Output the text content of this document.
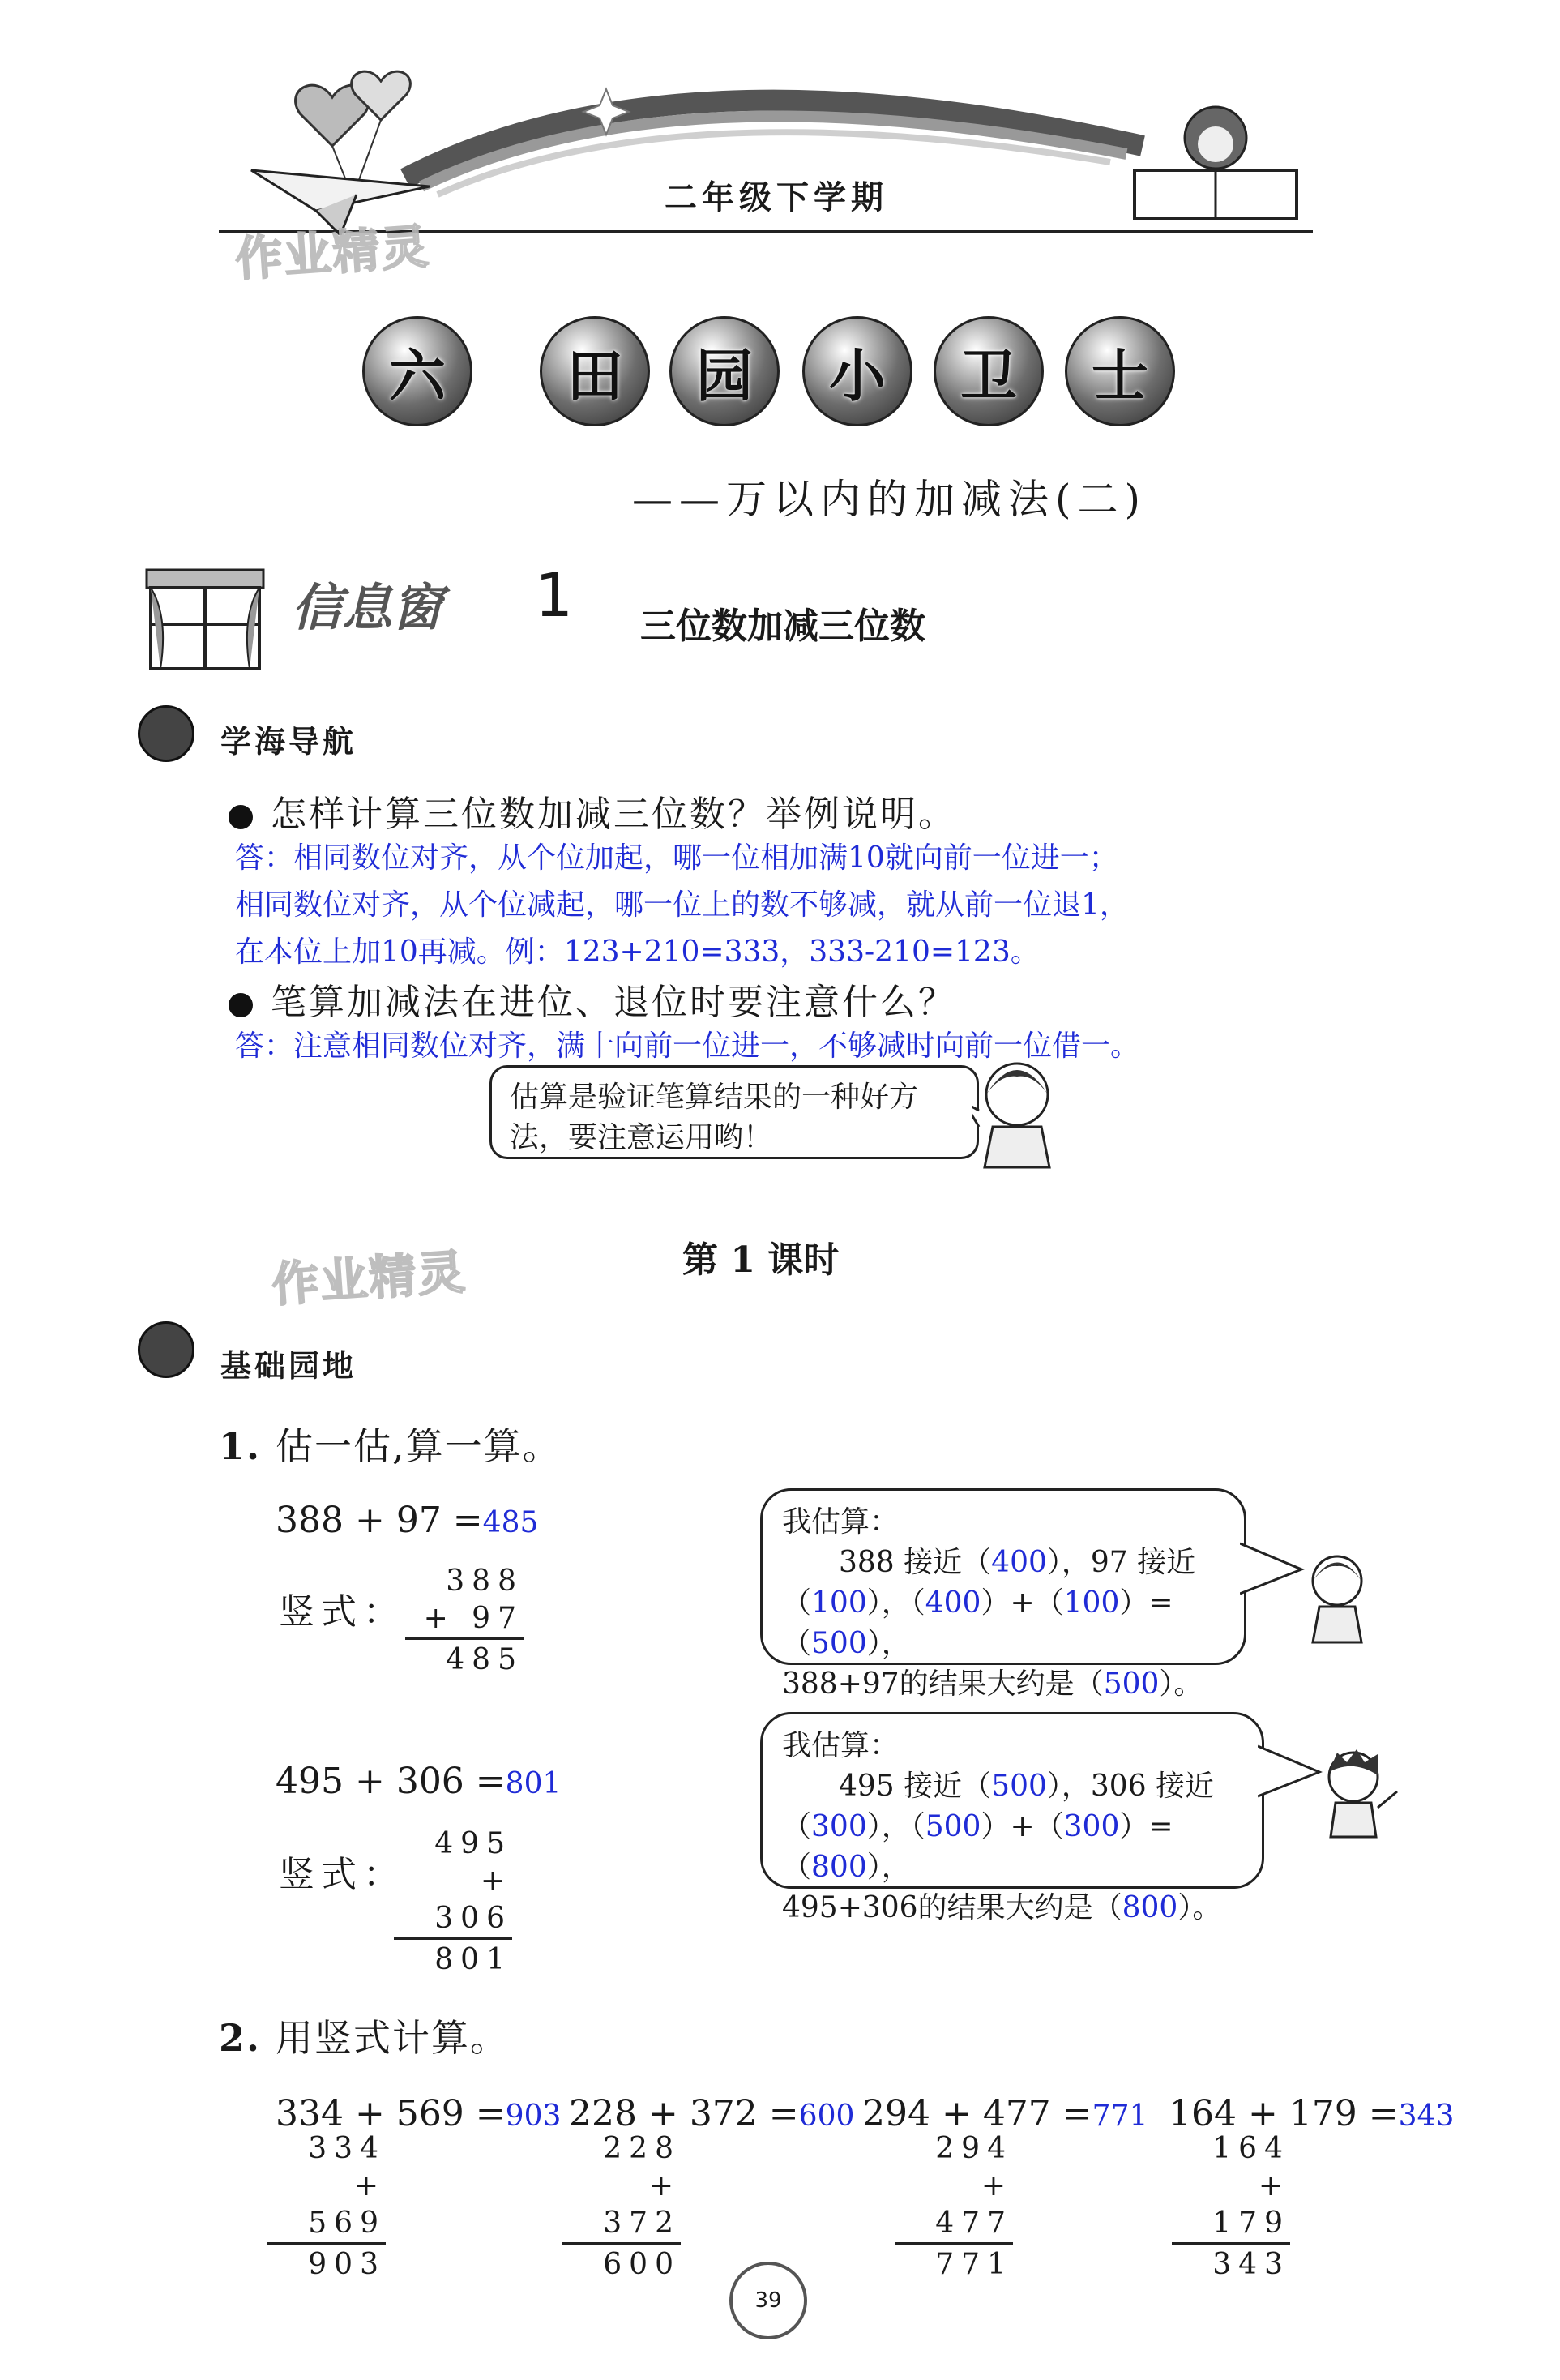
二年级下学期
作业精灵
作业精灵
六 田 园 小 卫 士
——万以内的加减法(二)
信息窗 1 三位数加减三位数
学海导航
怎样计算三位数加减三位数？举例说明。
答：相同数位对齐，从个位加起，哪一位相加满10就向前一位进一；
相同数位对齐，从个位减起，哪一位上的数不够减，就从前一位退1，
在本位上加10再减。例：123+210=333，333-210=123。
笔算加减法在进位、退位时要注意什么？
答：注意相同数位对齐，满十向前一位进一，不够减时向前一位借一。
估算是验证笔算结果的一种好方
法，要注意运用哟！
第 1 课时
基础园地
1. 估一估,算一算。
388 + 97 =485
竖式：
388
+ 97
485
我估算：
388 接近（400），97 接近
（100），（400）+（100）=（500），
388+97的结果大约是（500）。
495 + 306 =801
竖式：
495
+ 306
801
我估算：
495 接近（500），306 接近
（300），（500）+（300）=（800），
495+306的结果大约是（800）。
2. 用竖式计算。
334 + 569 =903
334
+ 569
903
228 + 372 =600
228
+ 372
600
294 + 477 =771
294
+ 477
771
164 + 179 =343
164
+ 179
343
39
